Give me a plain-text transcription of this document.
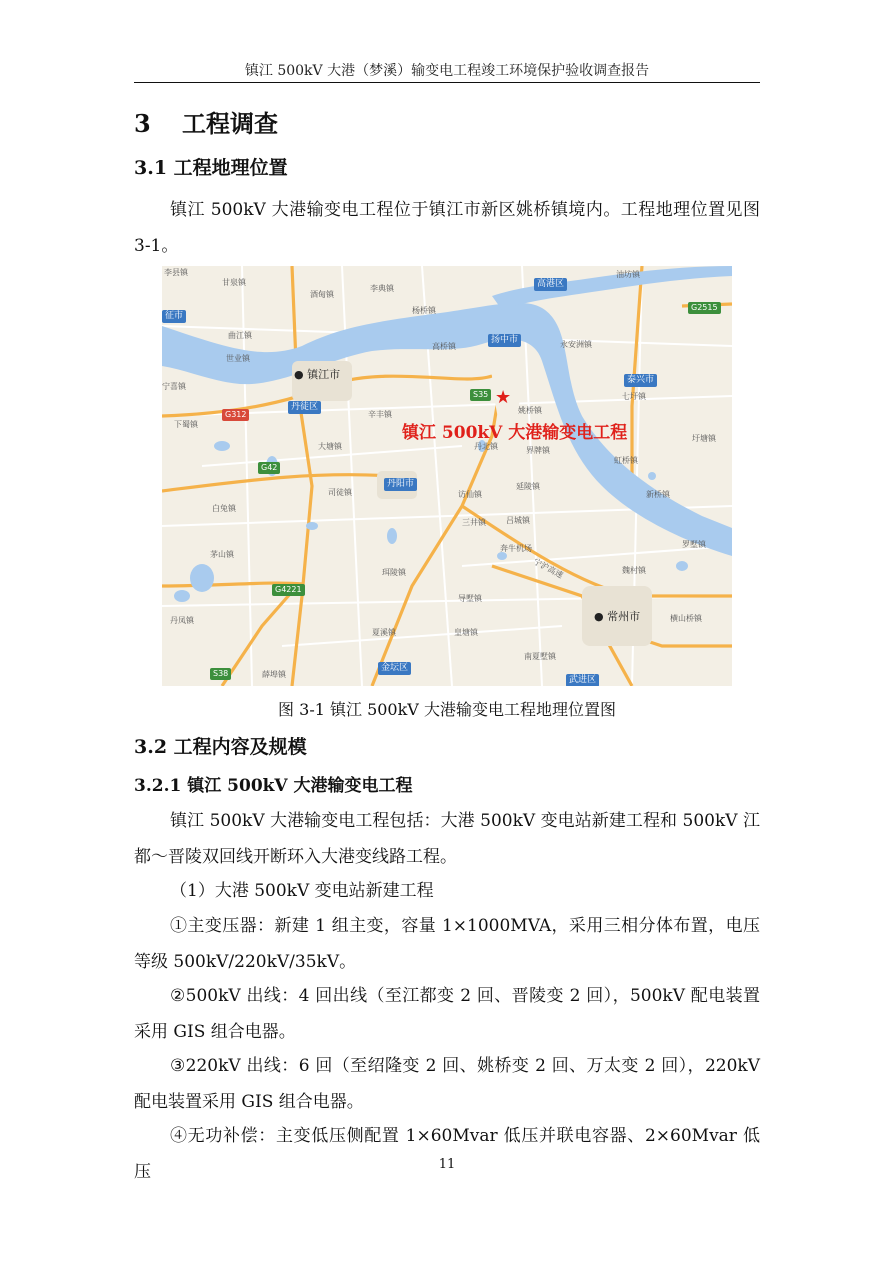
镇江 500kV 大港（梦溪）输变电工程竣工环境保护验收调查报告
3 工程调查
3.1 工程地理位置
镇江 500kV 大港输变电工程位于镇江市新区姚桥镇境内。工程地理位置见图 3-1。
高港区
扬中市
泰兴市
丹徒区
丹阳市
金坛区
武进区
征市
G2515
S35
G312
G42
G4221
S38
● 镇江市
● 常州市
李县镇
甘泉镇
酒甸镇
李典镇
杨桥镇
油坊镇
曲江镇
世业镇
宁喜镇
高桥镇	永安洲镇
辛丰镇
丹北镇	界牌镇
姚桥镇
七圩镇
虹桥镇
司徒镇	访仙镇
延陵镇
新桥镇
白兔镇
茅山镇
导墅镇
皇塘镇
珥陵镇
薛埠镇
奔牛机场
宁沪高速	魏村镇
横山桥镇
罗墅镇
下蜀镇
吕城镇
夏溪镇
南夏墅镇
圩塘镇
三井镇
丹凤镇
大塘镇
★
镇江 500kV 大港输变电工程
图 3-1 镇江 500kV 大港输变电工程地理位置图
3.2 工程内容及规模
3.2.1 镇江 500kV 大港输变电工程
镇江 500kV 大港输变电工程包括：大港 500kV 变电站新建工程和 500kV 江都～晋陵双回线开断环入大港变线路工程。
（1）大港 500kV 变电站新建工程
①主变压器：新建 1 组主变，容量 1×1000MVA，采用三相分体布置，电压等级 500kV/220kV/35kV。
②500kV 出线：4 回出线（至江都变 2 回、晋陵变 2 回），500kV 配电装置采用 GIS 组合电器。
③220kV 出线：6 回（至绍隆变 2 回、姚桥变 2 回、万太变 2 回），220kV 配电装置采用 GIS 组合电器。
④无功补偿：主变低压侧配置 1×60Mvar 低压并联电容器、2×60Mvar 低压	11
